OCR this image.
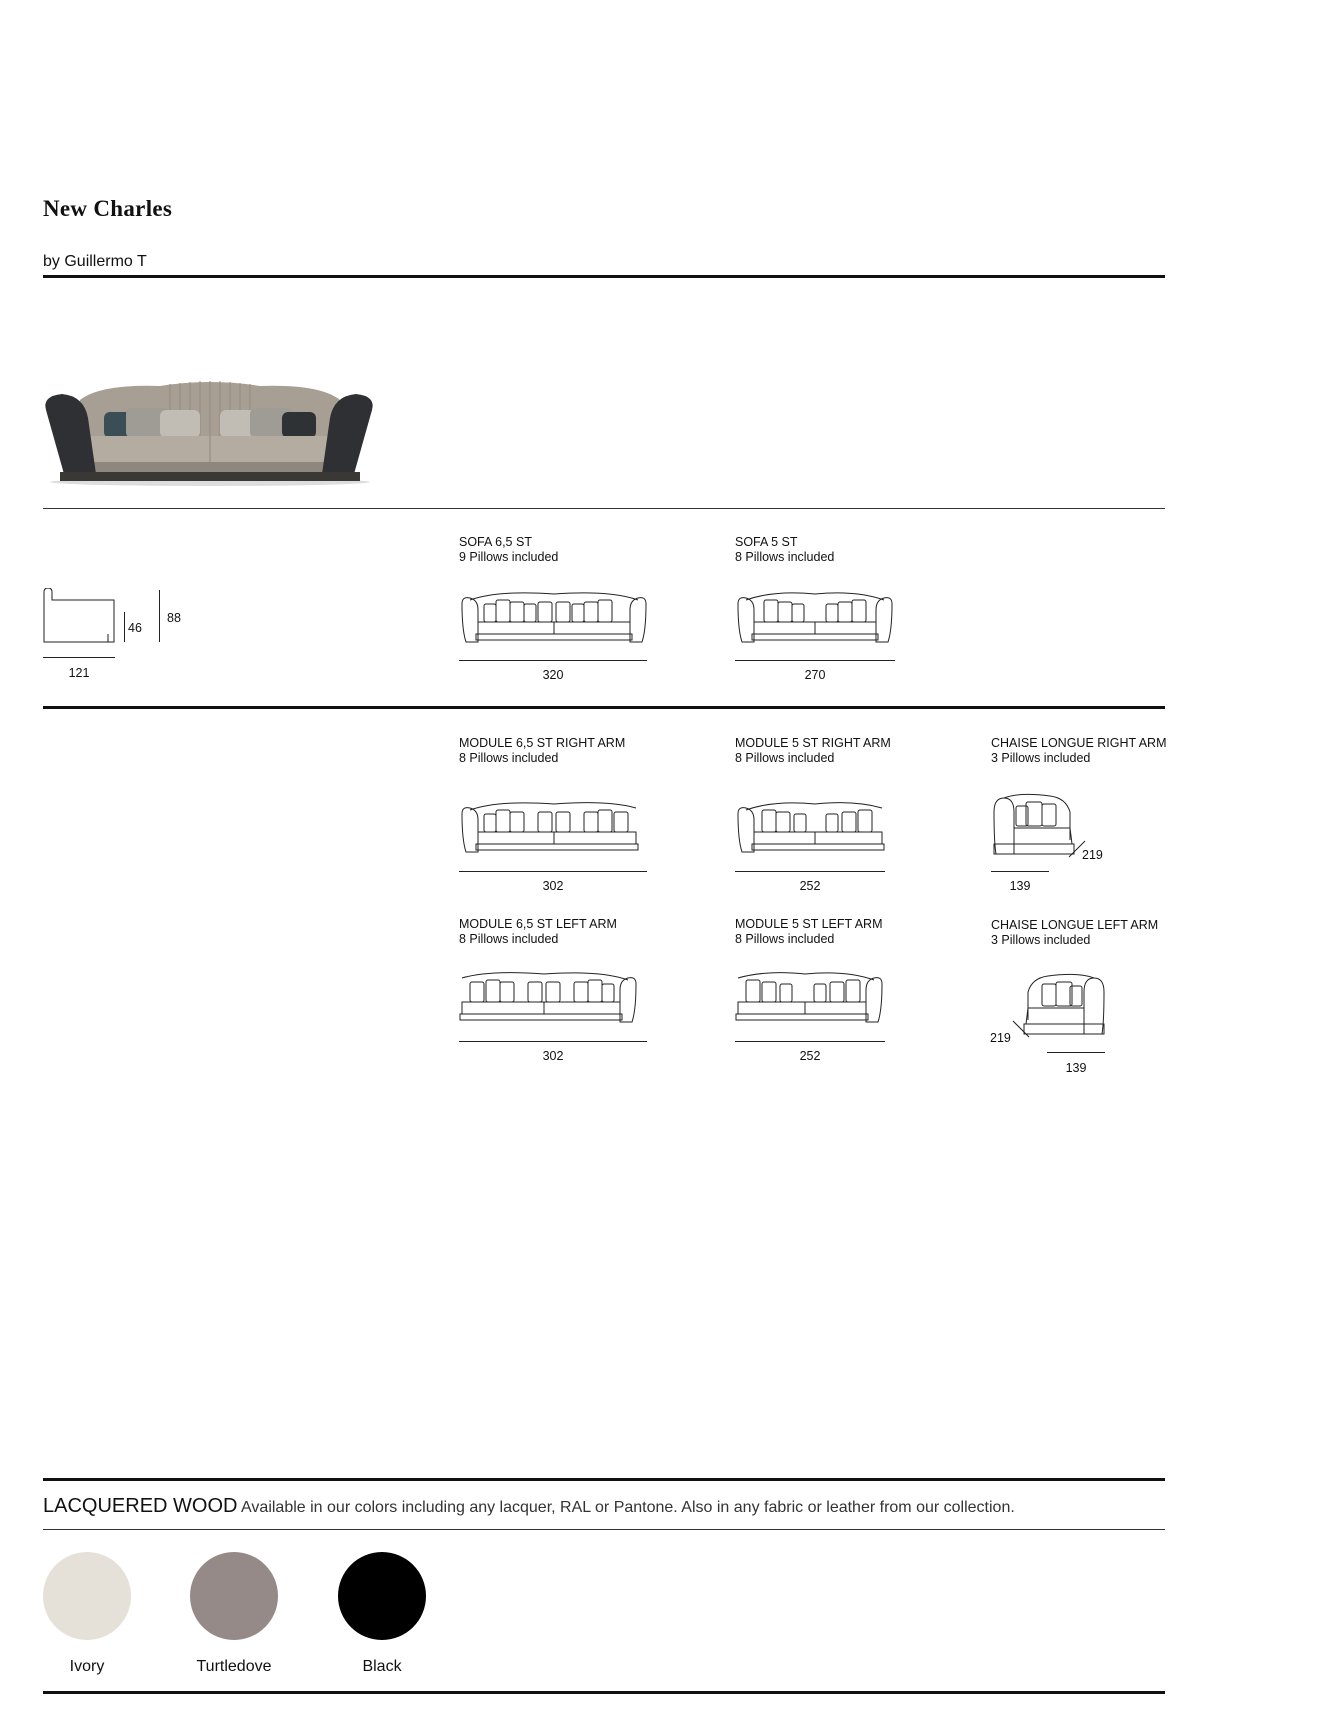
New Charles
by Guillermo T
46
88
121
SOFA 6,5 ST
9 Pillows included
320
SOFA 5 ST
8 Pillows included
270
MODULE 6,5 ST RIGHT ARM
8 Pillows included
302
MODULE 5 ST RIGHT ARM
8 Pillows included
252
CHAISE LONGUE RIGHT ARM
3 Pillows included
219
139
MODULE 6,5 ST LEFT ARM
8 Pillows included
302
MODULE 5 ST LEFT ARM
8 Pillows included
252
CHAISE LONGUE LEFT ARM
3 Pillows included
219
139
LACQUERED WOOD Available in our colors including any lacquer, RAL or Pantone. Also in any fabric or leather from our collection.
Ivory	Turtledove	Black
